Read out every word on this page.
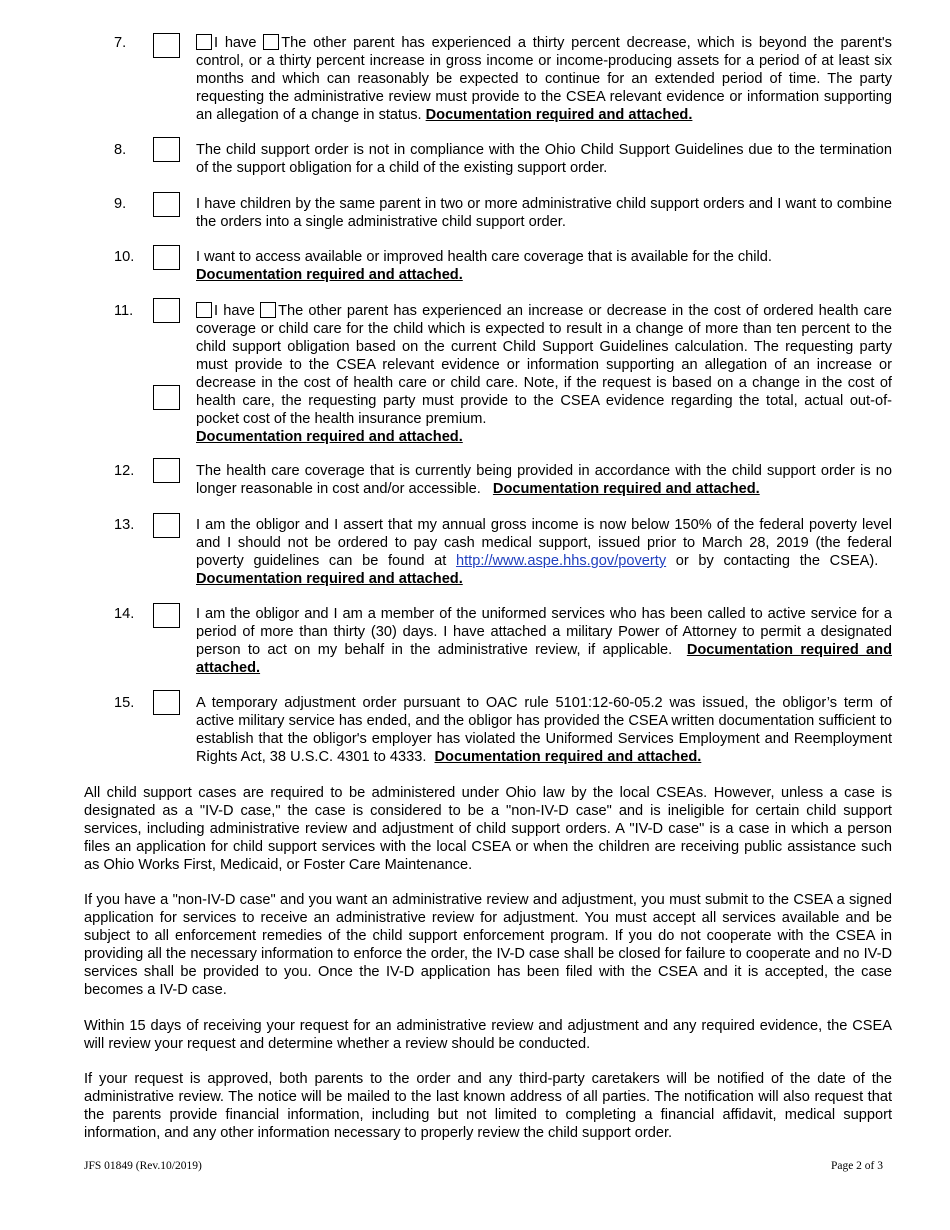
7.	I have The other parent has experienced a thirty percent decrease, which is beyond the parent's control, or a thirty percent increase in gross income or income-producing assets for a period of at least six months and which can reasonably be expected to continue for an extended period of time. The party requesting the administrative review must provide to the CSEA relevant evidence or information supporting an allegation of a change in status. Documentation required and attached.
8.	The child support order is not in compliance with the Ohio Child Support Guidelines due to the termination of the support obligation for a child of the existing support order.
9.	I have children by the same parent in two or more administrative child support orders and I want to combine the orders into a single administrative child support order.
10.	I want to access available or improved health care coverage that is available for the child.
Documentation required and attached.
11.	I have The other parent has experienced an increase or decrease in the cost of ordered health care coverage or child care for the child which is expected to result in a change of more than ten percent to the child support obligation based on the current Child Support Guidelines calculation. The requesting party must provide to the CSEA relevant evidence or information supporting an allegation of an increase or decrease in the cost of health care or child care. Note, if the request is based on a change in the cost of health care, the requesting party must provide to the CSEA evidence regarding the total, actual out-of-pocket cost of the health insurance premium.
Documentation required and attached.
12.	The health care coverage that is currently being provided in accordance with the child support order is no longer reasonable in cost and/or accessible. Documentation required and attached.
13.	I am the obligor and I assert that my annual gross income is now below 150% of the federal poverty level and I should not be ordered to pay cash medical support, issued prior to March 28, 2019 (the federal poverty guidelines can be found at http://www.aspe.hhs.gov/poverty or by contacting the CSEA).   Documentation required and attached.
14.	I am the obligor and I am a member of the uniformed services who has been called to active service for a period of more than thirty (30) days. I have attached a military Power of Attorney to permit a designated person to act on my behalf in the administrative review, if applicable. Documentation required and attached.
15.	A temporary adjustment order pursuant to OAC rule 5101:12-60-05.2 was issued, the obligor’s term of active military service has ended, and the obligor has provided the CSEA written documentation sufficient to establish that the obligor's employer has violated the Uniformed Services Employment and Reemployment Rights Act, 38 U.S.C. 4301 to 4333. Documentation required and attached.
All child support cases are required to be administered under Ohio law by the local CSEAs. However, unless a case is designated as a "IV-D case," the case is considered to be a "non-IV-D case" and is ineligible for certain child support services, including administrative review and adjustment of child support orders. A "IV-D case" is a case in which a person files an application for child support services with the local CSEA or when the children are receiving public assistance such as Ohio Works First, Medicaid, or Foster Care Maintenance.
If you have a "non-IV-D case" and you want an administrative review and adjustment, you must submit to the CSEA a signed application for services to receive an administrative review for adjustment. You must accept all services available and be subject to all enforcement remedies of the child support enforcement program. If you do not cooperate with the CSEA in providing all the necessary information to enforce the order, the IV-D case shall be closed for failure to cooperate and no IV-D services shall be provided to you. Once the IV-D application has been filed with the CSEA and it is accepted, the case becomes a IV-D case.
Within 15 days of receiving your request for an administrative review and adjustment and any required evidence, the CSEA will review your request and determine whether a review should be conducted.
If your request is approved, both parents to the order and any third-party caretakers will be notified of the date of the administrative review. The notice will be mailed to the last known address of all parties. The notification will also request that the parents provide financial information, including but not limited to completing a financial affidavit, medical support information, and any other information necessary to properly review the child support order.
JFS 01849 (Rev.10/2019)	Page 2 of 3
